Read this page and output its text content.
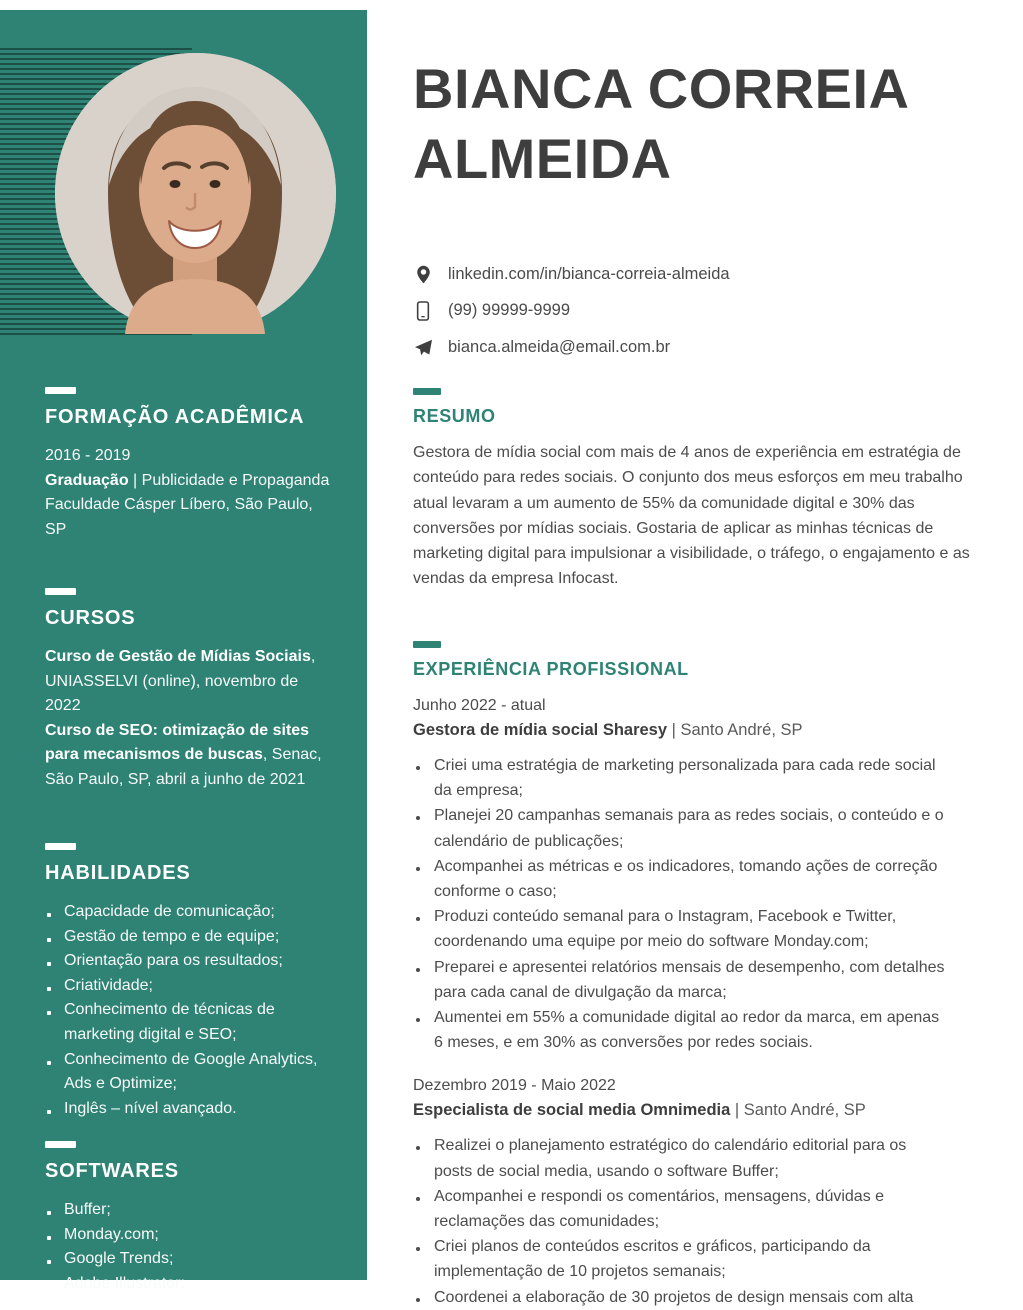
FORMAÇÃO ACADÊMICA

2016 - 2019

Graduação | Publicidade e Propaganda

Faculdade Cásper Líbero, São Paulo, SP

CURSOS

Curso de Gestão de Mídias Sociais, UNIASSELVI (online), novembro de 2022

Curso de SEO: otimização de sites para mecanismos de buscas, Senac, São Paulo, SP, abril a junho de 2021

HABILIDADES
Capacidade de comunicação;
Gestão de tempo e de equipe;
Orientação para os resultados;
Criatividade;
Conhecimento de técnicas de marketing digital e SEO;
Conhecimento de Google Analytics, Ads e Optimize;
Inglês – nível avançado.
SOFTWARES
Buffer;
Monday.com;
Google Trends;
Adobe Illustrator;
BIANCA CORREIA ALMEIDA
linkedin.com/in/bianca-correia-almeida
(99) 99999-9999
bianca.almeida@email.com.br
RESUMO

Gestora de mídia social com mais de 4 anos de experiência em estratégia de conteúdo para redes sociais. O conjunto dos meus esforços em meu trabalho atual levaram a um aumento de 55% da comunidade digital e 30% das conversões por mídias sociais. Gostaria de aplicar as minhas técnicas de marketing digital para impulsionar a visibilidade, o tráfego, o engajamento e as vendas da empresa Infocast.

EXPERIÊNCIA PROFISSIONAL

Junho 2022 - atual

Gestora de mídia social Sharesy | Santo André, SP

Criei uma estratégia de marketing personalizada para cada rede social da empresa;
Planejei 20 campanhas semanais para as redes sociais, o conteúdo e o calendário de publicações;
Acompanhei as métricas e os indicadores, tomando ações de correção conforme o caso;
Produzi conteúdo semanal para o Instagram, Facebook e Twitter, coordenando uma equipe por meio do software Monday.com;
Preparei e apresentei relatórios mensais de desempenho, com detalhes para cada canal de divulgação da marca;
Aumentei em 55% a comunidade digital ao redor da marca, em apenas 6 meses, e em 30% as conversões por redes sociais.

Dezembro 2019 - Maio 2022

Especialista de social media Omnimedia | Santo André, SP

Realizei o planejamento estratégico do calendário editorial para os posts de social media, usando o software Buffer;
Acompanhei e respondi os comentários, mensagens, dúvidas e reclamações das comunidades;
Criei planos de conteúdos escritos e gráficos, participando da implementação de 10 projetos semanais;
Coordenei a elaboração de 30 projetos de design mensais com alta
